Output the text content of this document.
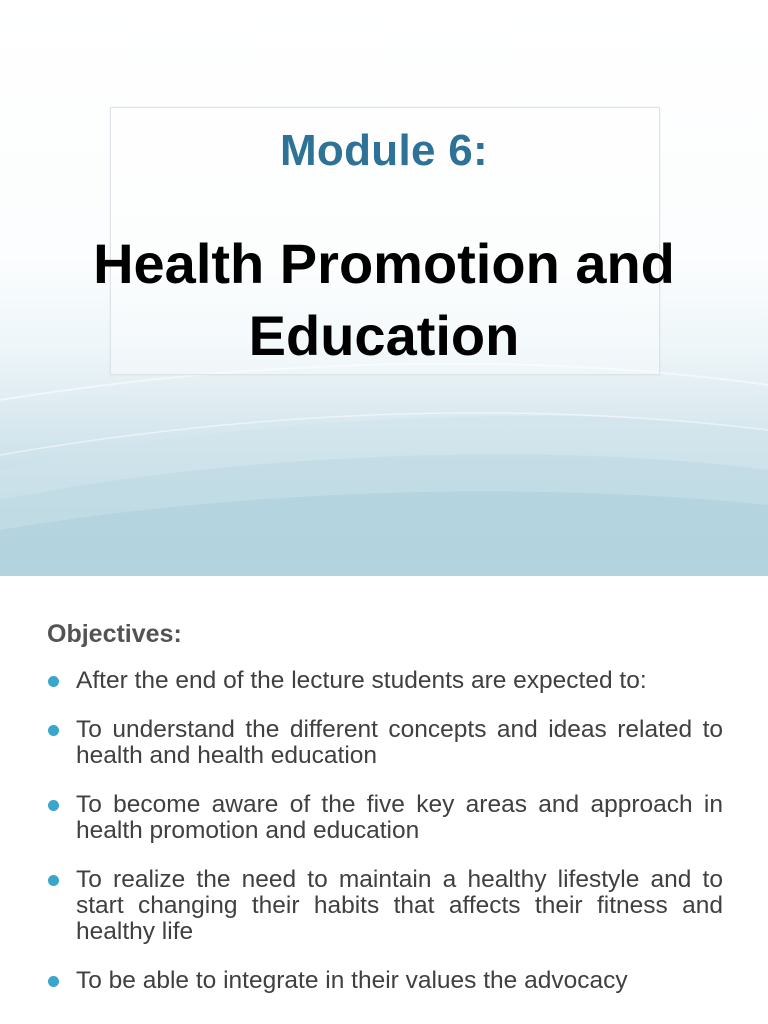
Module 6:
Health Promotion and
Education
Objectives:
After the end of the lecture students are expected to:
To understand the different concepts and ideas related to health and health education
To become aware of the five key areas and approach in health promotion and education
To realize the need to maintain a healthy lifestyle and to start changing their habits that affects their fitness and healthy life
To be able to integrate in their values the advocacy
